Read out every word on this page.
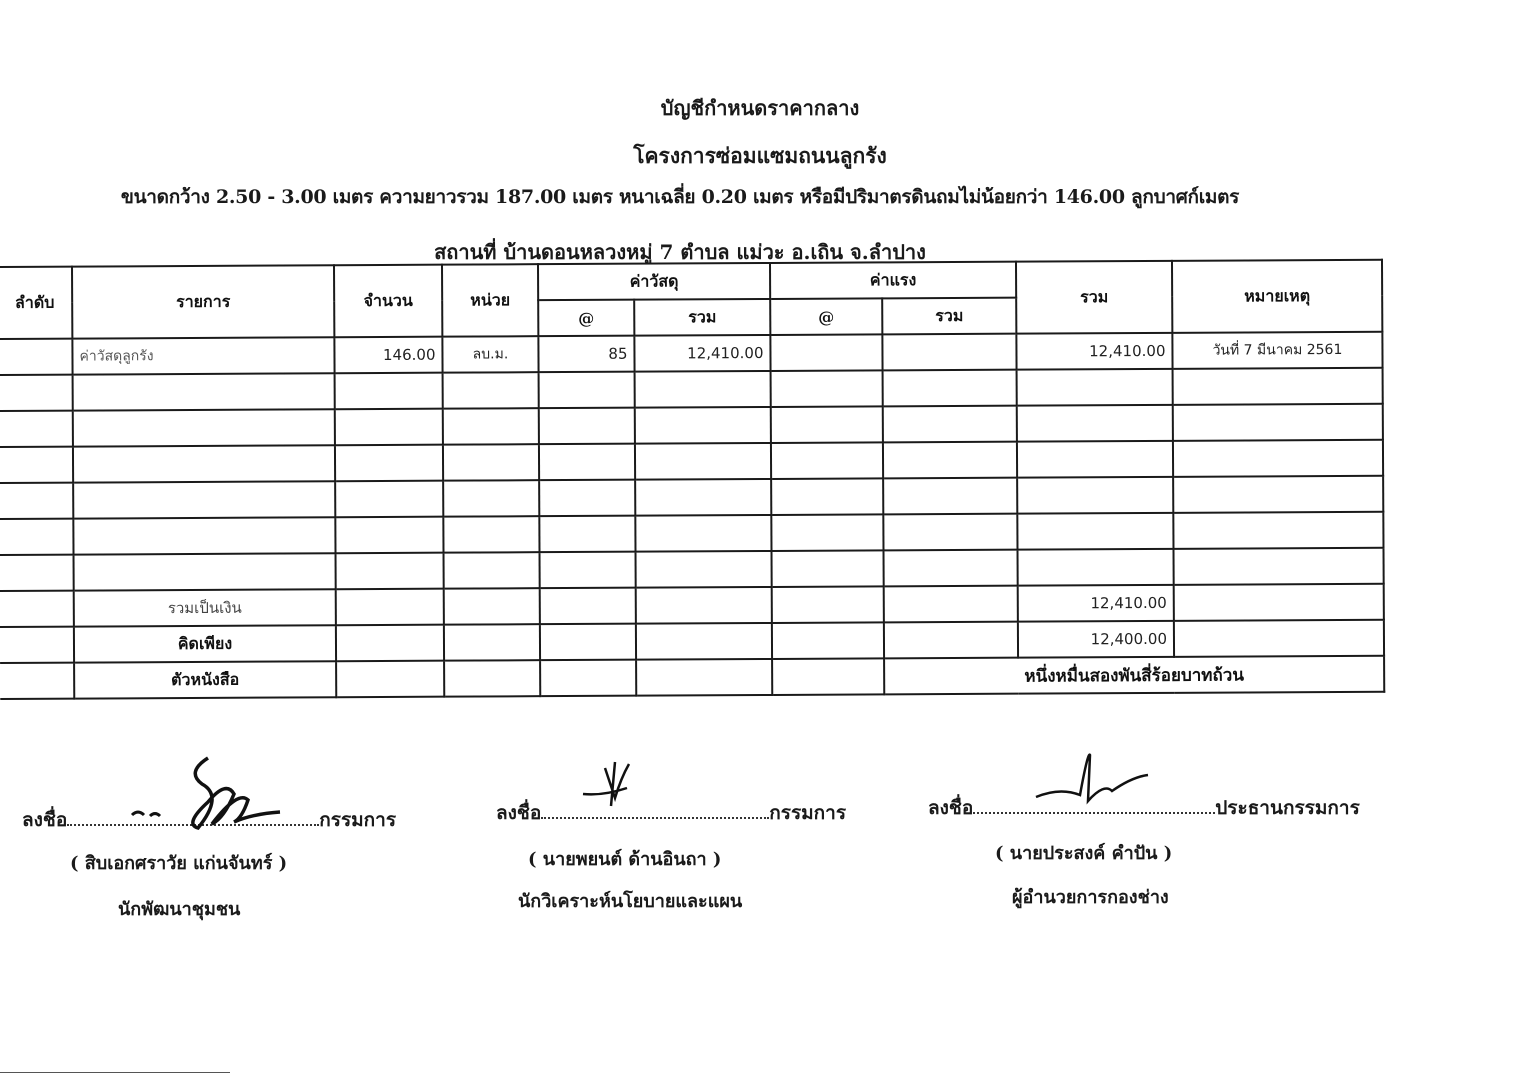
บัญชีกำหนดราคากลาง
โครงการซ่อมแซมถนนลูกรัง
ขนาดกว้าง 2.50 - 3.00 เมตร ความยาวรวม 187.00 เมตร หนาเฉลี่ย 0.20 เมตร หรือมีปริมาตรดินถมไม่น้อยกว่า 146.00 ลูกบาศก์เมตร
สถานที่ บ้านดอนหลวงหมู่ 7 ตำบล แม่วะ อ.เถิน จ.ลำปาง
ลำดับ	รายการ	จำนวน	หน่วย	ค่าวัสดุ		ค่าแรง		รวม	หมายเหตุ
				@	รวม	@	รวม		
	ค่าวัสดุลูกรัง	146.00	ลบ.ม.	85	12,410.00			12,410.00	วันที่ 7 มีนาคม 2561

	รวมเป็นเงิน							12,410.00	
	คิดเพียง							12,400.00	
	ตัวหนังสือ						หนึ่งหมื่นสองพันสี่ร้อยบาทถ้วน		
ลงชื่อ	กรรมการ
( สิบเอกศราวัย แก่นจันทร์ )
นักพัฒนาชุมชน
ลงชื่อ	กรรมการ
( นายพยนต์ ด้านอินถา )
นักวิเคราะห์นโยบายและแผน
ลงชื่อ	ประธานกรรมการ
( นายประสงค์ คำปัน )
ผู้อำนวยการกองช่าง
